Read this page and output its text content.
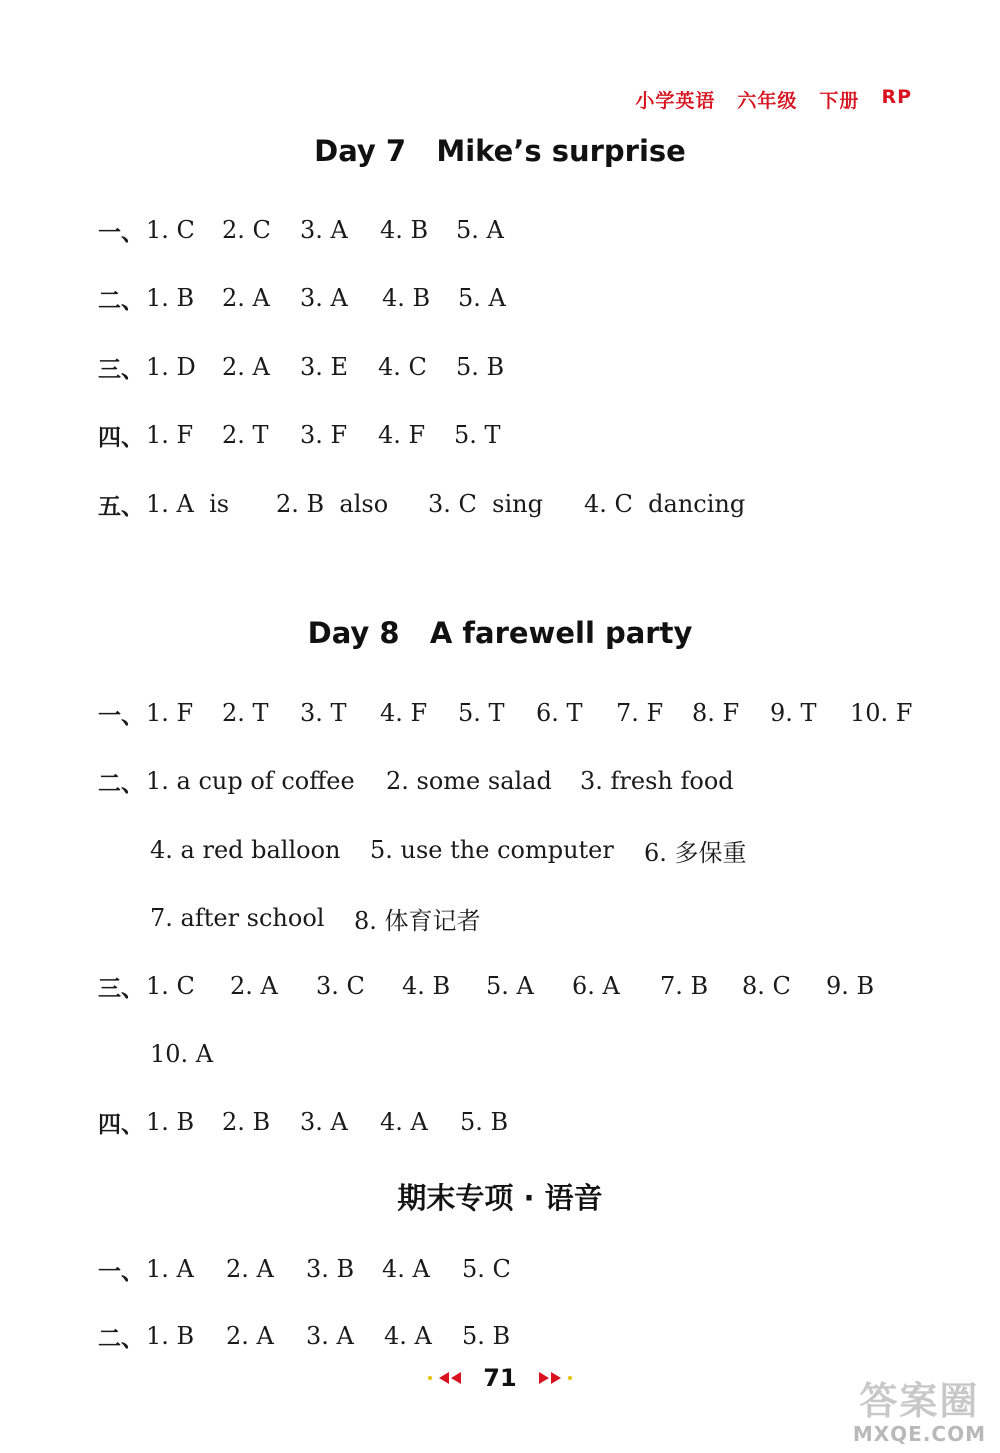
小学英语 六年级 下册 RP
Day 7   Mike’s surprise
一、 1. C	2. C	3. A	4. B	5. A
二、 1. B	2. A	3. A	4. B	5. A
三、 1. D	2. A	3. E	4. C	5. B
四、 1. F	2. T	3. F	4. F	5. T
五、 1. A  is	2. B  also	3. C  sing	4. C  dancing
Day 8   A farewell party
一、 1. F	2. T	3. T	4. F	5. T	6. T	7. F	8. F	9. T	10. F
二、 1. a cup of coffee	2. some salad	3. fresh food
4. a red balloon	5. use the computer	6. 多保重
7. after school	8. 体育记者
三、 1. C	2. A	3. C	4. B	5. A	6. A	7. B	8. C	9. B
10. A
四、 1. B	2. B	3. A	4. A	5. B
期末专项 · 语音
一、 1. A	2. A	3. B	4. A	5. C
二、 1. B	2. A	3. A	4. A	5. B
71
答案圈
MXQE.COM
